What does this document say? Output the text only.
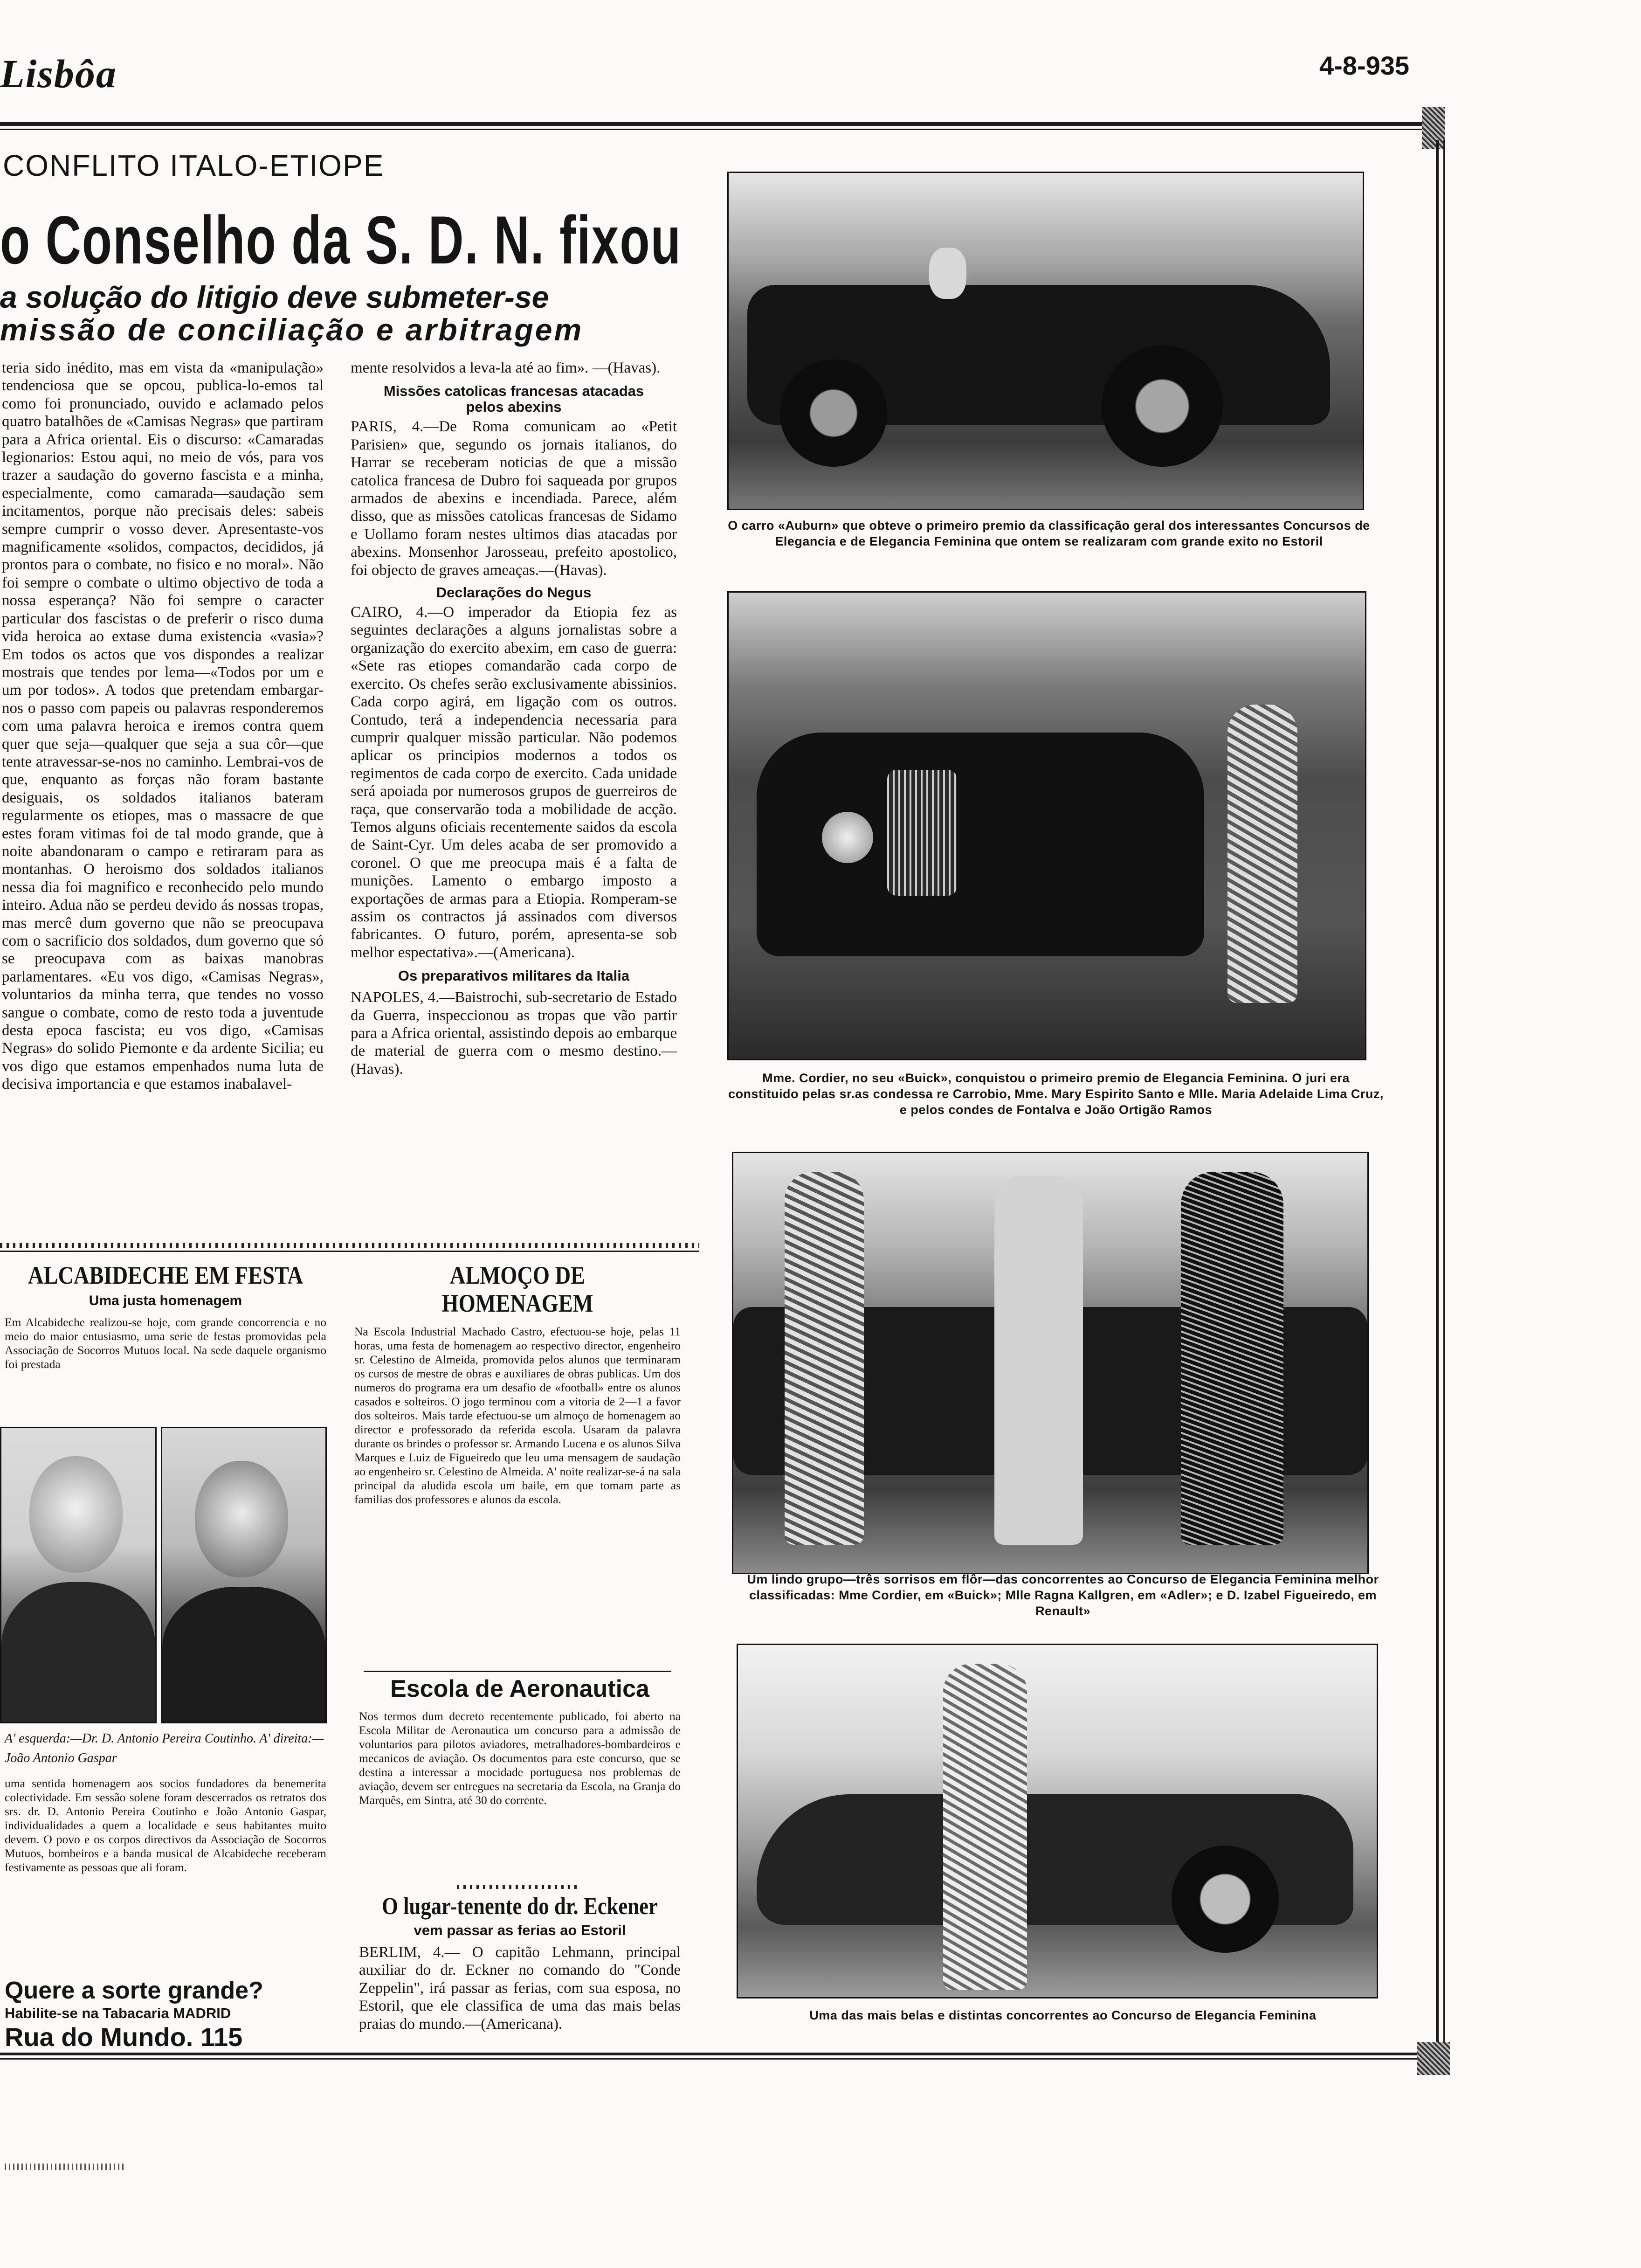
Lisbôa	4-8-935
CONFLITO ITALO-ETIOPE
o Conselho da S. D. N. fixou
a solução do litigio deve submeter-se
missão de conciliação e arbitragem
teria sido inédito, mas em vista da «manipulação» tendenciosa que se opcou, publica-lo-emos tal como foi pronunciado, ouvido e aclamado pelos quatro batalhões de «Camisas Negras» que partiram para a Africa oriental. Eis o discurso: «Camaradas legionarios: Estou aqui, no meio de vós, para vos trazer a saudação do governo fascista e a minha, especialmente, como camarada—saudação sem incitamentos, porque não precisais deles: sabeis sempre cumprir o vosso dever. Apresentaste-vos magnificamente «solidos, compactos, decididos, já prontos para o combate, no fisico e no moral». Não foi sempre o combate o ultimo objectivo de toda a nossa esperança? Não foi sempre o caracter particular dos fascistas o de preferir o risco duma vida heroica ao extase duma existencia «vasia»? Em todos os actos que vos dispondes a realizar mostrais que tendes por lema—«Todos por um e um por todos». A todos que pretendam embargar-nos o passo com papeis ou palavras responderemos com uma palavra heroica e iremos contra quem quer que seja—qualquer que seja a sua côr—que tente atravessar-se-nos no caminho. Lembrai-vos de que, enquanto as forças não foram bastante desiguais, os soldados italianos bateram regularmente os etiopes, mas o massacre de que estes foram vitimas foi de tal modo grande, que à noite abandonaram o campo e retiraram para as montanhas. O heroismo dos soldados italianos nessa dia foi magnifico e reconhecido pelo mundo inteiro. Adua não se perdeu devido ás nossas tropas, mas mercê dum governo que não se preocupava com o sacrificio dos soldados, dum governo que só se preocupava com as baixas manobras parlamentares. «Eu vos digo, «Camisas Negras», voluntarios da minha terra, que tendes no vosso sangue o combate, como de resto toda a juventude desta epoca fascista; eu vos digo, «Camisas Negras» do solido Piemonte e da ardente Sicilia; eu vos digo que estamos empenhados numa luta de decisiva importancia e que estamos inabalavel-
mente resolvidos a leva-la até ao fim». —(Havas).
Missões catolicas francesas atacadas pelos abexins
PARIS, 4.—De Roma comunicam ao «Petit Parisien» que, segundo os jornais italianos, do Harrar se receberam noticias de que a missão catolica francesa de Dubro foi saqueada por grupos armados de abexins e incendiada. Parece, além disso, que as missões catolicas francesas de Sidamo e Uollamo foram nestes ultimos dias atacadas por abexins. Monsenhor Jarosseau, prefeito apostolico, foi objecto de graves ameaças.—(Havas).
Declarações do Negus
CAIRO, 4.—O imperador da Etiopia fez as seguintes declarações a alguns jornalistas sobre a organização do exercito abexim, em caso de guerra: «Sete ras etiopes comandarão cada corpo de exercito. Os chefes serão exclusivamente abissinios. Cada corpo agirá, em ligação com os outros. Contudo, terá a independencia necessaria para cumprir qualquer missão particular. Não podemos aplicar os principios modernos a todos os regimentos de cada corpo de exercito. Cada unidade será apoiada por numerosos grupos de guerreiros de raça, que conservarão toda a mobilidade de acção. Temos alguns oficiais recentemente saidos da escola de Saint-Cyr. Um deles acaba de ser promovido a coronel. O que me preocupa mais é a falta de munições. Lamento o embargo imposto a exportações de armas para a Etiopia. Romperam-se assim os contractos já assinados com diversos fabricantes. O futuro, porém, apresenta-se sob melhor espectativa».—(Americana).
Os preparativos militares da Italia
NAPOLES, 4.—Baistrochi, sub-secretario de Estado da Guerra, inspeccionou as tropas que vão partir para a Africa oriental, assistindo depois ao embarque de material de guerra com o mesmo destino.—(Havas).
ALCABIDECHE EM FESTA
Uma justa homenagem
Em Alcabideche realizou-se hoje, com grande concorrencia e no meio do maior entusiasmo, uma serie de festas promovidas pela Associação de Socorros Mutuos local. Na sede daquele organismo foi prestada
A' esquerda:—Dr. D. Antonio Pereira Coutinho. A' direita:—João Antonio Gaspar
uma sentida homenagem aos socios fundadores da benemerita colectividade. Em sessão solene foram descerrados os retratos dos srs. dr. D. Antonio Pereira Coutinho e João Antonio Gaspar, individualidades a quem a localidade e seus habitantes muito devem. O povo e os corpos directivos da Associação de Socorros Mutuos, bombeiros e a banda musical de Alcabideche receberam festivamente as pessoas que ali foram.
Quere a sorte grande?
Habilite-se na Tabacaria MADRID
Rua do Mundo. 115
ALMOÇO DE HOMENAGEM
Na Escola Industrial Machado Castro, efectuou-se hoje, pelas 11 horas, uma festa de homenagem ao respectivo director, engenheiro sr. Celestino de Almeida, promovida pelos alunos que terminaram os cursos de mestre de obras e auxiliares de obras publicas. Um dos numeros do programa era um desafio de «football» entre os alunos casados e solteiros. O jogo terminou com a vitoria de 2—1 a favor dos solteiros. Mais tarde efectuou-se um almoço de homenagem ao director e professorado da referida escola. Usaram da palavra durante os brindes o professor sr. Armando Lucena e os alunos Silva Marques e Luiz de Figueiredo que leu uma mensagem de saudação ao engenheiro sr. Celestino de Almeida. A' noite realizar-se-á na sala principal da aludida escola um baile, em que tomam parte as familias dos professores e alunos da escola.
Escola de Aeronautica
Nos termos dum decreto recentemente publicado, foi aberto na Escola Militar de Aeronautica um concurso para a admissão de voluntarios para pilotos aviadores, metralhadores-bombardeiros e mecanicos de aviação. Os documentos para este concurso, que se destina a interessar a mocidade portuguesa nos problemas de aviação, devem ser entregues na secretaria da Escola, na Granja do Marquês, em Sintra, até 30 do corrente.
O lugar-tenente do dr. Eckener
vem passar as ferias ao Estoril
BERLIM, 4.— O capitão Lehmann, principal auxiliar do dr. Eckner no comando do "Conde Zeppelin", irá passar as ferias, com sua esposa, no Estoril, que ele classifica de uma das mais belas praias do mundo.—(Americana).
O carro «Auburn» que obteve o primeiro premio da classificação geral dos interessantes Concursos de Elegancia e de Elegancia Feminina que ontem se realizaram com grande exito no Estoril
Mme. Cordier, no seu «Buick», conquistou o primeiro premio de Elegancia Feminina. O juri era constituido pelas sr.as condessa re Carrobio, Mme. Mary Espirito Santo e Mlle. Maria Adelaide Lima Cruz, e pelos condes de Fontalva e João Ortigão Ramos
Um lindo grupo—três sorrisos em flôr—das concorrentes ao Concurso de Elegancia Feminina melhor classificadas: Mme Cordier, em «Buick»; Mlle Ragna Kallgren, em «Adler»; e D. Izabel Figueiredo, em Renault»
Uma das mais belas e distintas concorrentes ao Concurso de Elegancia Feminina
